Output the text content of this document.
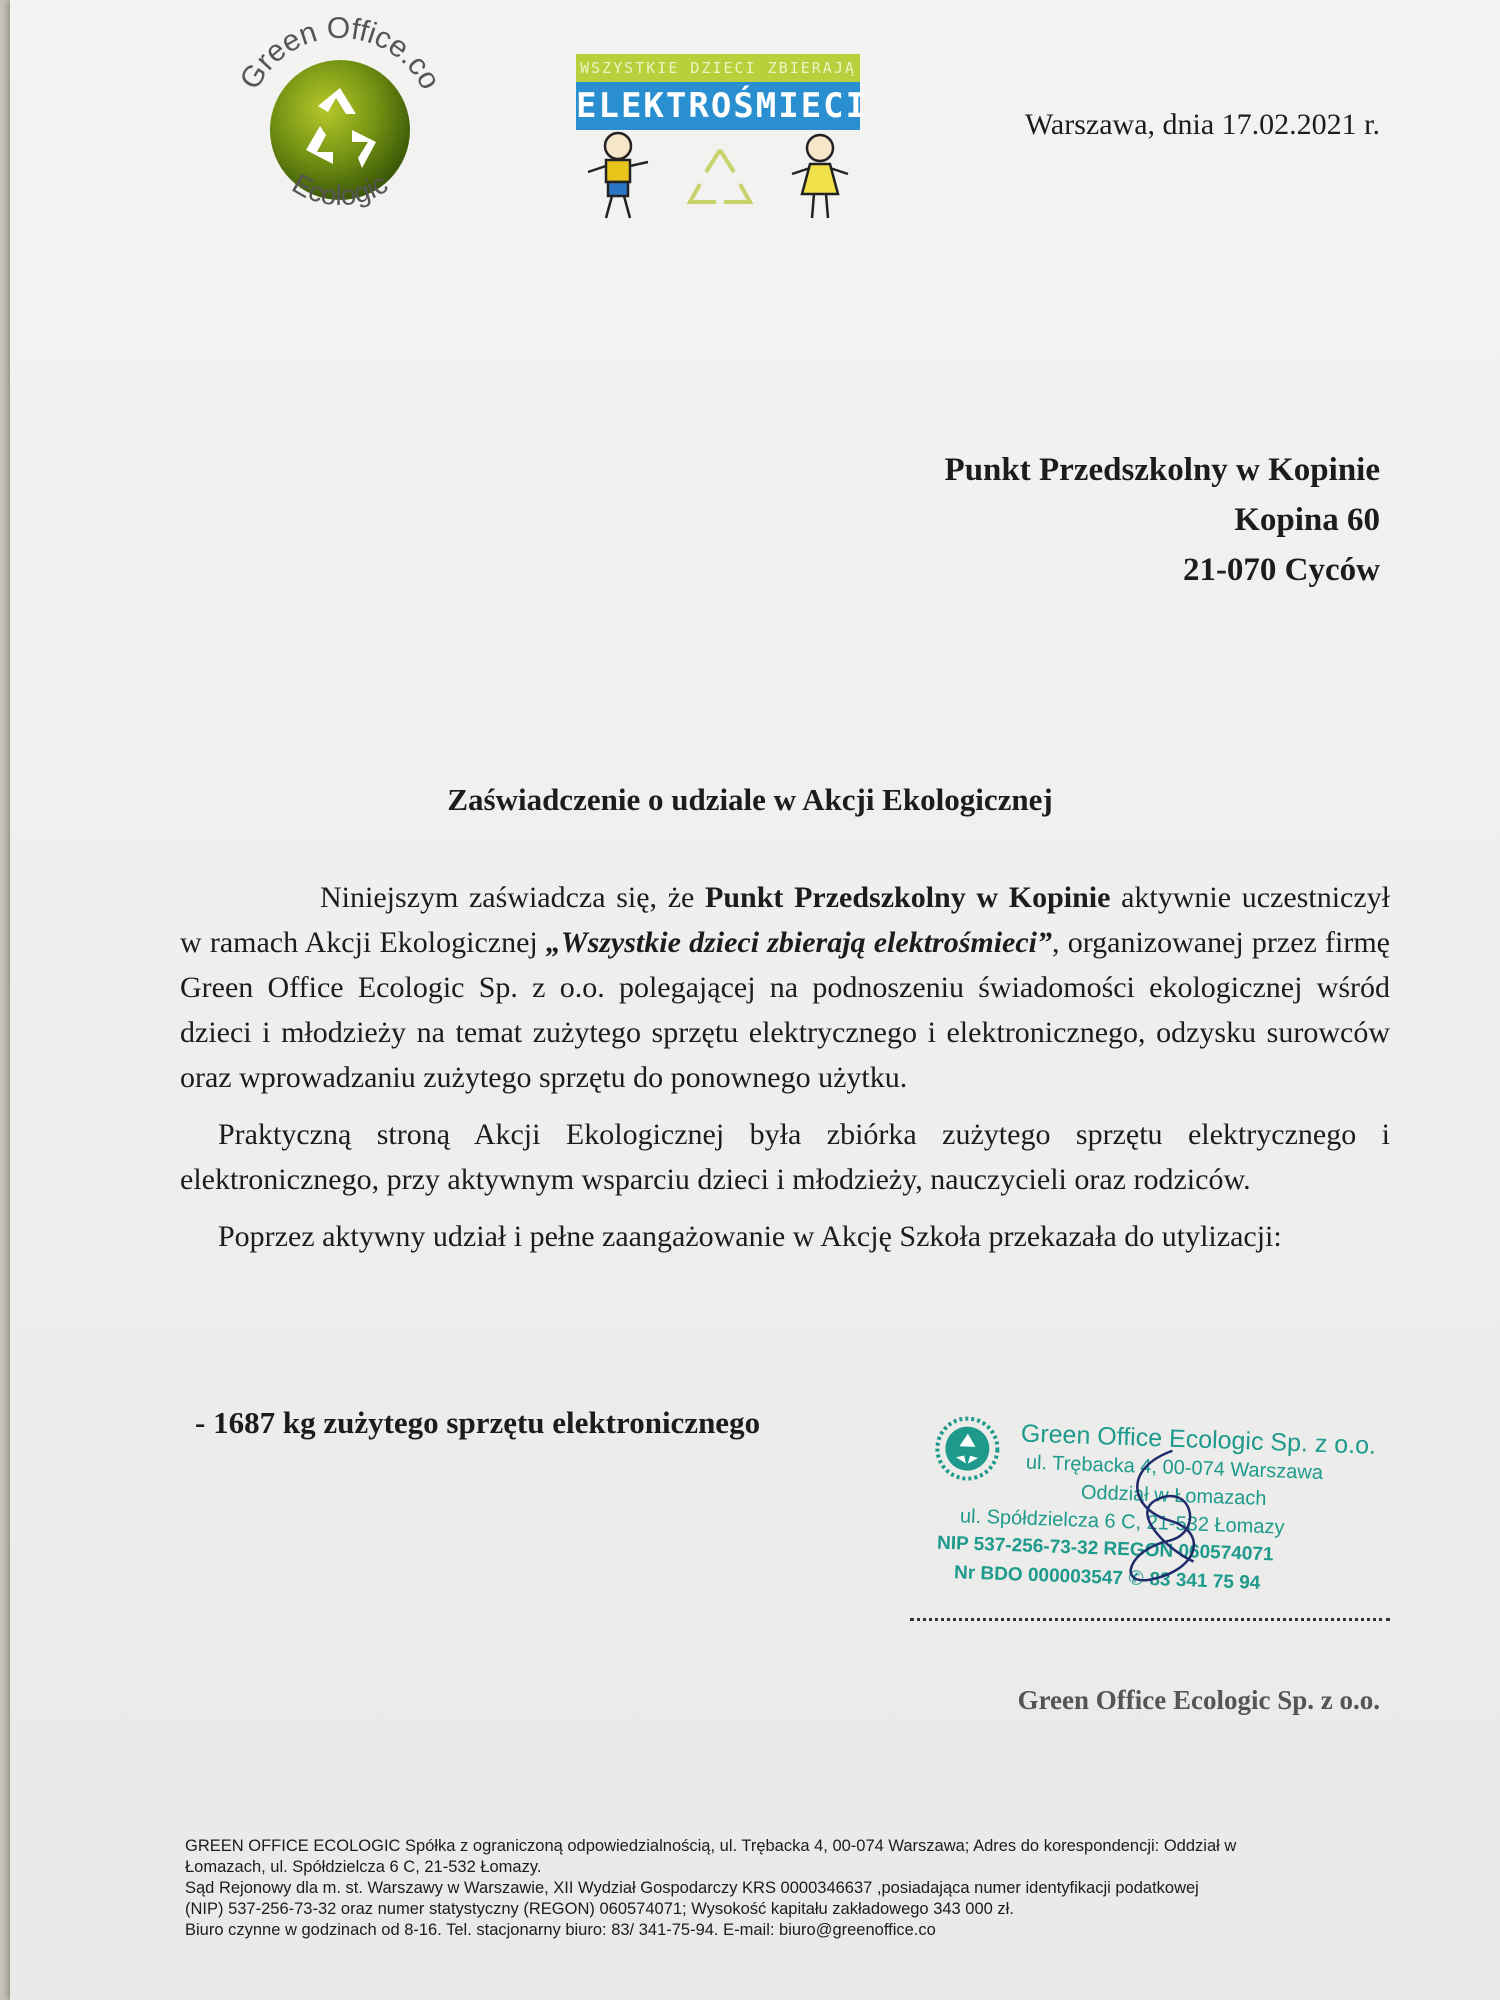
Green Office.co
Ecologic
WSZYSTKIE DZIECI ZBIERAJĄ
ELEKTROŚMIECI	Warszawa, dnia 17.02.2021 r.
Punkt Przedszkolny w Kopinie
Kopina 60
21-070 Cyców
Zaświadczenie o udziale w Akcji Ekologicznej

Niniejszym zaświadcza się, że Punkt Przedszkolny w Kopinie aktywnie uczestniczył w ramach Akcji Ekologicznej „Wszystkie dzieci zbierają elektrośmieci”, organizowanej przez firmę Green Office Ecologic Sp. z o.o. polegającej na podnoszeniu świadomości ekologicznej wśród dzieci i młodzieży na temat zużytego sprzętu elektrycznego i elektronicznego, odzysku surowców oraz wprowadzaniu zużytego sprzętu do ponownego użytku.

Praktyczną stroną Akcji Ekologicznej była zbiórka zużytego sprzętu elektrycznego i elektronicznego, przy aktywnym wsparciu dzieci i młodzieży, nauczycieli oraz rodziców.

Poprzez aktywny udział i pełne zaangażowanie w Akcję Szkoła przekazała do utylizacji:

- 1687 kg zużytego sprzętu elektronicznego	Green Office Ecologic Sp. z o.o.
ul. Trębacka 4, 00-074 Warszawa
Oddział w Łomazach
ul. Spółdzielcza 6 C, 21-532 Łomazy
NIP 537-256-73-32 REGON 060574071
Nr BDO 000003547 ✆ 83 341 75 94
Green Office Ecologic Sp. z o.o.
GREEN OFFICE ECOLOGIC Spółka z ograniczoną odpowiedzialnością, ul. Trębacka 4, 00-074 Warszawa; Adres do korespondencji: Oddział w
Łomazach, ul. Spółdzielcza 6 C, 21-532 Łomazy.
Sąd Rejonowy dla m. st. Warszawy w Warszawie, XII Wydział Gospodarczy KRS 0000346637 ,posiadająca numer identyfikacji podatkowej
(NIP) 537-256-73-32 oraz numer statystyczny (REGON) 060574071; Wysokość kapitału zakładowego 343 000 zł.
Biuro czynne w godzinach od 8-16. Tel. stacjonarny biuro: 83/ 341-75-94. E-mail: biuro@greenoffice.co
